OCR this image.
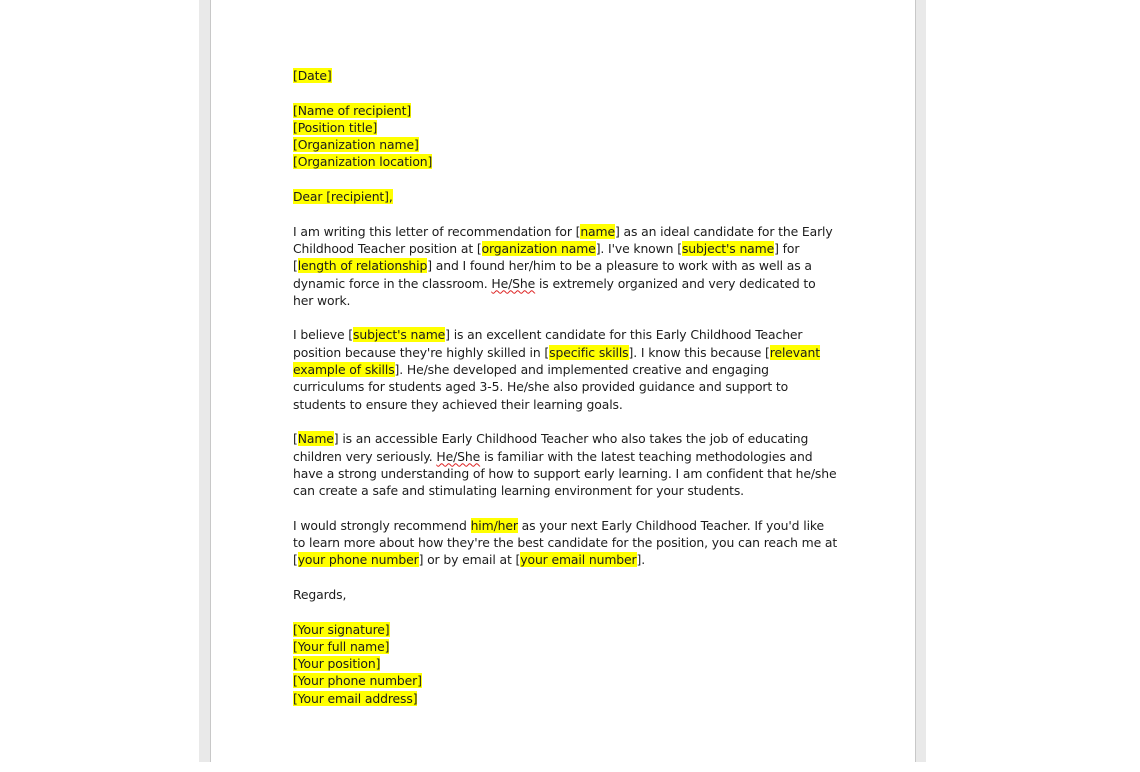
[Date]

[Name of recipient]

[Position title]

[Organization name]

[Organization location]

Dear [recipient],

I am writing this letter of recommendation for [name] as an ideal candidate for the Early Childhood Teacher position at [organization name]. I've known [subject's name] for [length of relationship] and I found her/him to be a pleasure to work with as well as a dynamic force in the classroom. He/She is extremely organized and very dedicated to her work.

I believe [subject's name] is an excellent candidate for this Early Childhood Teacher position because they're highly skilled in [specific skills]. I know this because [relevant example of skills]. He/she developed and implemented creative and engaging curriculums for students aged 3-5. He/she also provided guidance and support to students to ensure they achieved their learning goals.

[Name] is an accessible Early Childhood Teacher who also takes the job of educating children very seriously. He/She is familiar with the latest teaching methodologies and have a strong understanding of how to support early learning. I am confident that he/she can create a safe and stimulating learning environment for your students.

I would strongly recommend him/her as your next Early Childhood Teacher. If you'd like to learn more about how they're the best candidate for the position, you can reach me at [your phone number] or by email at [your email number].

Regards,

[Your signature]

[Your full name]

[Your position]

[Your phone number]

[Your email address]
